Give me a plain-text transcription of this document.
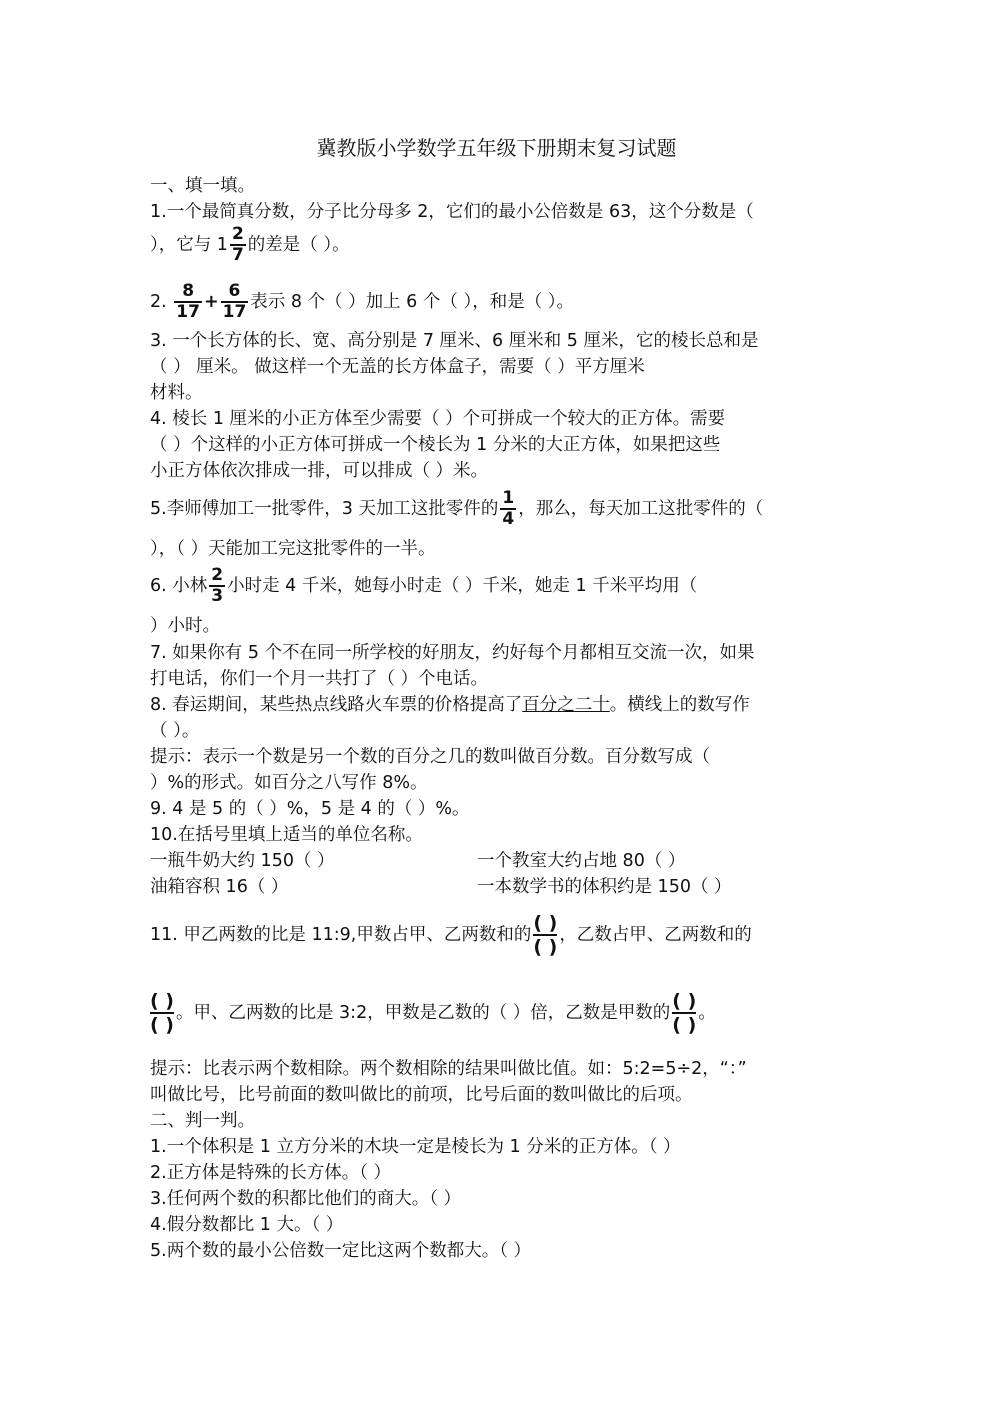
冀教版小学数学五年级下册期末复习试题
一、填一填。
1.一个最简真分数，分子比分母多 2，它们的最小公倍数是 63，这个分数是（
），它与 $1 \frac{2}{7}$ 的差是（ ）。
2. $\frac{8}{17} + \frac{6}{17}$ 表示 8 个（ ）加上 6 个（ ），和是（ ）。
3. 一个长方体的长、宽、高分别是 7 厘米、6 厘米和 5 厘米，它的棱长总和是
（ ） 厘米。 做这样一个无盖的长方体盒子，需要（ ）平方厘米
材料。
4. 棱长 1 厘米的小正方体至少需要（ ）个可拼成一个较大的正方体。需要
（ ）个这样的小正方体可拼成一个棱长为 1 分米的大正方体，如果把这些
小正方体依次排成一排，可以排成（ ）米。
5.李师傅加工一批零件，3 天加工这批零件的 $\frac{1}{4}$ ，那么，每天加工这批零件的（
），（ ）天能加工完这批零件的一半。
6. 小林 $\frac{2}{3}$ 小时走 4 千米，她每小时走（ ）千米，她走 1 千米平均用（
）小时。
7. 如果你有 5 个不在同一所学校的好朋友，约好每个月都相互交流一次，如果
打电话，你们一个月一共打了（ ）个电话。
8. 春运期间，某些热点线路火车票的价格提高了百分之二十。横线上的数写作
（ ）。
提示：表示一个数是另一个数的百分之几的数叫做百分数。百分数写成（
）%的形式。如百分之八写作 8%。
9. 4 是 5 的（ ）%，5 是 4 的（ ）%。
10.在括号里填上适当的单位名称。
一瓶牛奶大约 150（ ）	一个教室大约占地 80（ ）
油箱容积 16（ ）	一本数学书的体积约是 150（ ）
11. 甲乙两数的比是 11:9,甲数占甲、乙两数和的
( )
( )
，乙数占甲、乙两数和的
( )
( )
。甲、乙两数的比是 3:2，甲数是乙数的（ ）倍，乙数是甲数的
( )
( )
。
提示：比表示两个数相除。两个数相除的结果叫做比值。如：5:2=5÷2，“：”
叫做比号，比号前面的数叫做比的前项，比号后面的数叫做比的后项。
二、判一判。
1.一个体积是 1 立方分米的木块一定是棱长为 1 分米的正方体。（ ）
2.正方体是特殊的长方体。（ ）
3.任何两个数的积都比他们的商大。（ ）
4.假分数都比 1 大。（ ）
5.两个数的最小公倍数一定比这两个数都大。（ ）
